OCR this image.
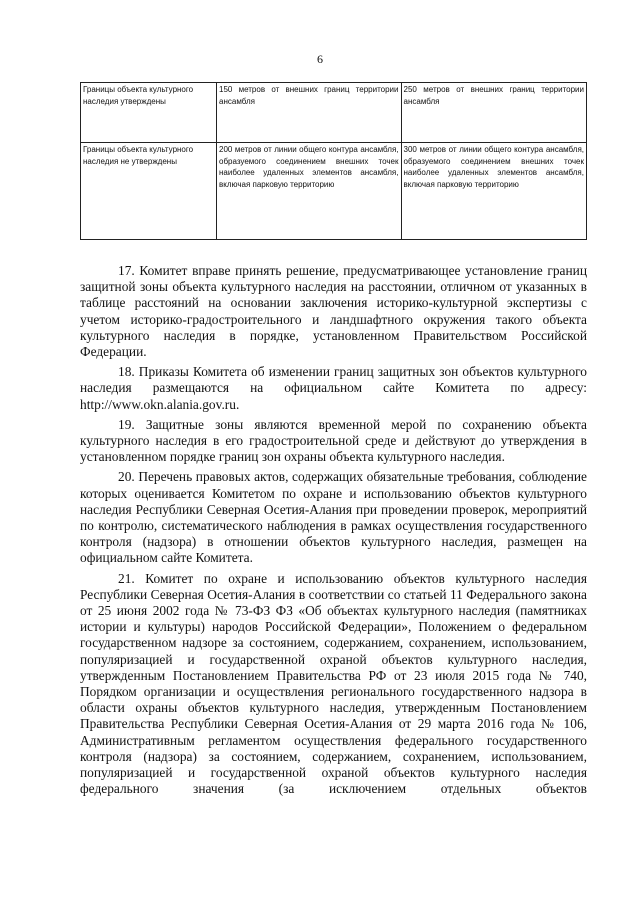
6
Границы объекта культурного наследия утверждены	150 метров от внешних границ территории ансамбля	250 метров от внешних границ территории ансамбля
Границы объекта культурного наследия не утверждены	200 метров от линии общего контура ансамбля, образуемого соединением внешних точек наиболее удаленных элементов ансамбля, включая парковую территорию	300 метров от линии общего контура ансамбля, образуемого соединением внешних точек наиболее удаленных элементов ансамбля, включая парковую территорию

17. Комитет вправе принять решение, предусматривающее установление границ защитной зоны объекта культурного наследия на расстоянии, отличном от указанных в таблице расстояний на основании заключения историко-культурной экспертизы с учетом историко-градостроительного и ландшафтного окружения такого объекта культурного наследия в порядке, установленном Правительством Российской Федерации.

18. Приказы Комитета об изменении границ защитных зон объектов культурного наследия размещаются на официальном сайте Комитета по адресу: http://www.okn.alania.gov.ru.

19. Защитные зоны являются временной мерой по сохранению объекта культурного наследия в его градостроительной среде и действуют до утверждения в установленном порядке границ зон охраны объекта культурного наследия.

20. Перечень правовых актов, содержащих обязательные требования, соблюдение которых оценивается Комитетом по охране и использованию объектов культурного наследия Республики Северная Осетия-Алания при проведении проверок, мероприятий по контролю, систематического наблюдения в рамках осуществления государственного контроля (надзора) в отношении объектов культурного наследия, размещен на официальном сайте Комитета.

21. Комитет по охране и использованию объектов культурного наследия Республики Северная Осетия-Алания в соответствии со статьей 11 Федерального закона от 25 июня 2002 года № 73-ФЗ ФЗ «Об объектах культурного наследия (памятниках истории и культуры) народов Российской Федерации», Положением о федеральном государственном надзоре за состоянием, содержанием, сохранением, использованием, популяризацией и государственной охраной объектов культурного наследия, утвержденным Постановлением Правительства РФ от 23 июля 2015 года № 740, Порядком организации и осуществления регионального государственного надзора в области охраны объектов культурного наследия, утвержденным Постановлением Правительства Республики Северная Осетия-Алания от 29 марта 2016 года № 106, Административным регламентом осуществления федерального государственного контроля (надзора) за состоянием, содержанием, сохранением, использованием, популяризацией и государственной охраной объектов культурного наследия федерального значения (за исключением отдельных объектов
